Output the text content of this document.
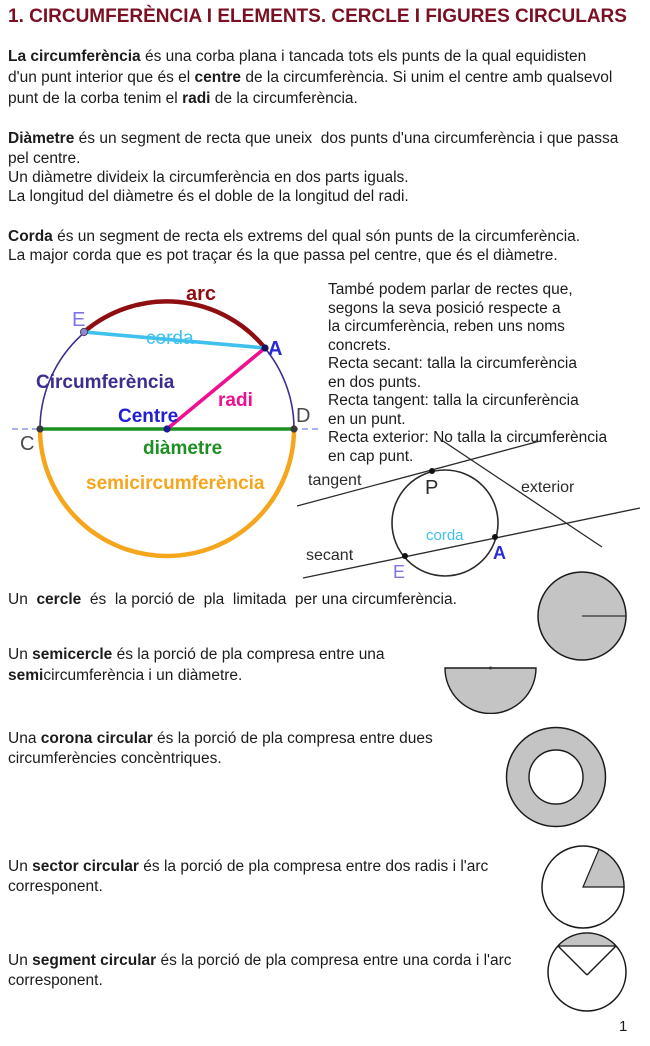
1. CIRCUMFERÈNCIA I ELEMENTS. CERCLE I FIGURES CIRCULARS
La circumferència és una corba plana i tancada tots els punts de la qual equidisten
d'un punt interior que és el centre de la circumferència. Si unim el centre amb qualsevol
punt de la corba tenim el radi de la circumferència.
Diàmetre és un segment de recta que uneix  dos punts d'una circumferència i que passa
pel centre.
Un diàmetre divideix la circumferència en dos parts iguals.
La longitud del diàmetre és el doble de la longitud del radi.
Corda és un segment de recta els extrems del qual són punts de la circumferència.
La major corda que es pot traçar és la que passa pel centre, que és el diàmetre.
També podem parlar de rectes que,
segons la seva posició respecte a
la circumferència, reben uns noms
concrets.
Recta secant: talla la circumferència
en dos punts.
Recta tangent: talla la circunferència
en un punt.
Recta exterior: No talla la circumferència
en cap punt.
arc
E
corda	A
Circumferència
radi
Centre	D
C	diàmetre
semicircumferència	tangent	P	exterior
corda
secant	A
E
Un  cercle  és  la porció de  pla  limitada  per una circumferència.
Un semicercle és la porció de pla compresa entre una
semicircumferència i un diàmetre.
Una corona circular és la porció de pla compresa entre dues
circumferències concèntriques.
Un sector circular és la porció de pla compresa entre dos radis i l'arc
corresponent.
Un segment circular és la porció de pla compresa entre una corda i l'arc
corresponent.
1
